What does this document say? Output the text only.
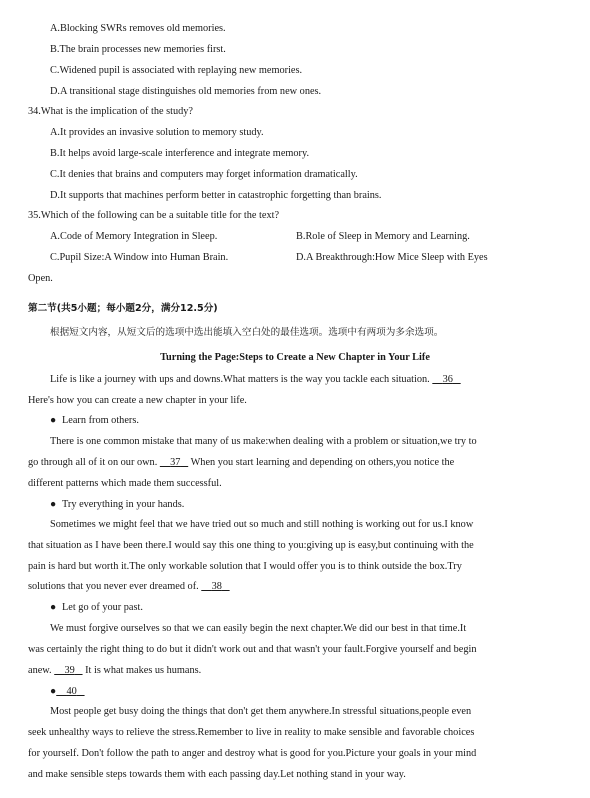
A.Blocking SWRs removes old memories.
B.The brain processes new memories first.
C.Widened pupil is associated with replaying new memories.
D.A transitional stage distinguishes old memories from new ones.
34.What is the implication of the study?
A.It provides an invasive solution to memory study.
B.It helps avoid large-scale interference and integrate memory.
C.It denies that brains and computers may forget information dramatically.
D.It supports that machines perform better in catastrophic forgetting than brains.
35.Which of the following can be a suitable title for the text?
A.Code of Memory Integration in Sleep.	B.Role of Sleep in Memory and Learning.
C.Pupil Size:A Window into Human Brain.	D.A Breakthrough:How Mice Sleep with Eyes
Open.
第二节(共5小题；每小题2分，满分12.5分)
根据短文内容，从短文后的选项中选出能填入空白处的最佳选项。选项中有两项为多余选项。
Turning the Page:Steps to Create a New Chapter in Your Life
Life is like a journey with ups and downs.What matters is the way you tackle each situation. 36
Here's how you can create a new chapter in your life.
● Learn from others.
There is one common mistake that many of us make:when dealing with a problem or situation,we try to
go through all of it on our own. 37 When you start learning and depending on others,you notice the
different patterns which made them successful.
● Try everything in your hands.
Sometimes we might feel that we have tried out so much and still nothing is working out for us.I know
that situation as I have been there.I would say this one thing to you:giving up is easy,but continuing with the
pain is hard but worth it.The only workable solution that I would offer you is to think outside the box.Try
solutions that you never ever dreamed of. 38
● Let go of your past.
We must forgive ourselves so that we can easily begin the next chapter.We did our best in that time.It
was certainly the right thing to do but it didn't work out and that wasn't your fault.Forgive yourself and begin
anew. 39 It is what makes us humans.
● 40
Most people get busy doing the things that don't get them anywhere.In stressful situations,people even
seek unhealthy ways to relieve the stress.Remember to live in reality to make sensible and favorable choices
for yourself. Don't follow the path to anger and destroy what is good for you.Picture your goals in your mind
and make sensible steps towards them with each passing day.Let nothing stand in your way.
